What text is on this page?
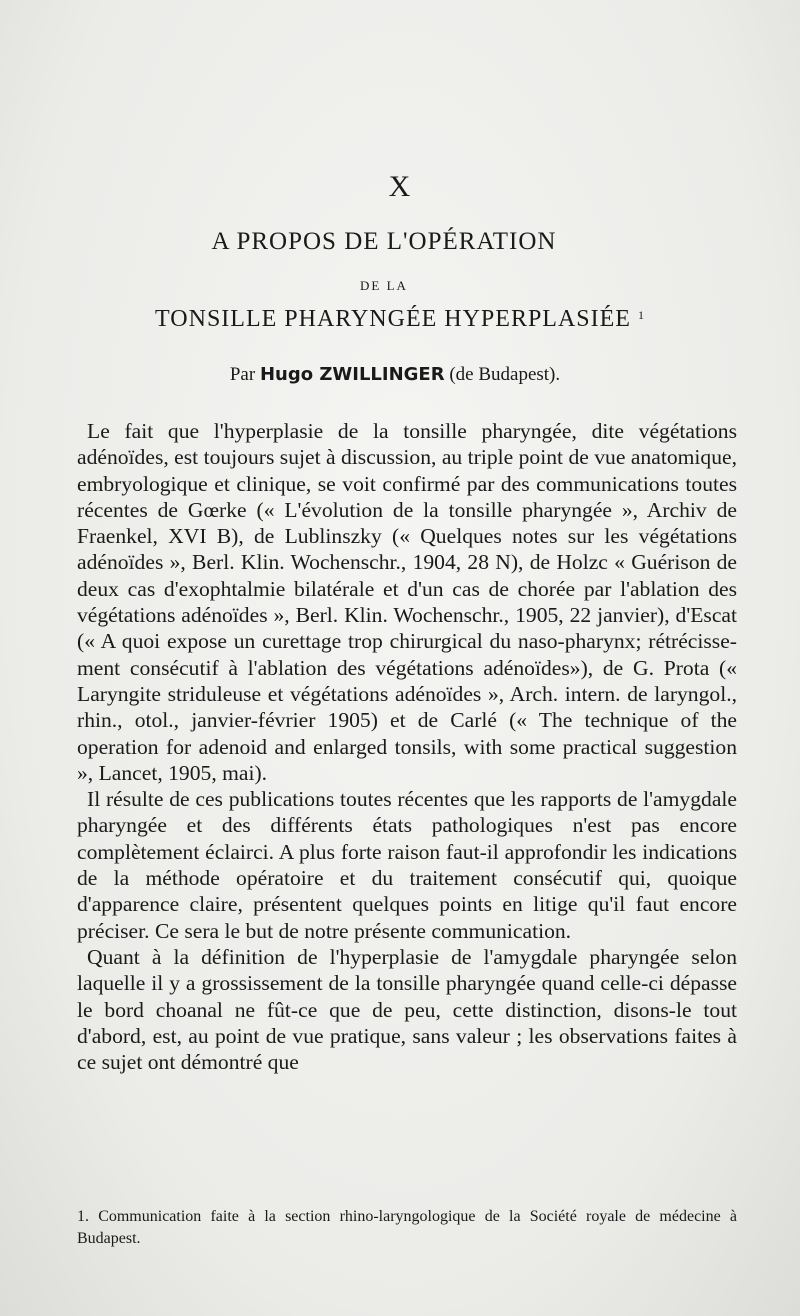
X
A PROPOS DE L'OPÉRATION
DE LA
TONSILLE PHARYNGÉE HYPERPLASIÉE $^1$
Par Hugo ZWILLINGER (de Budapest).

Le fait que l'hyperplasie de la tonsille pharyngée, dite végétations adénoïdes, est toujours sujet à discussion, au triple point de vue anatomique, embryologique et clinique, se voit confirmé par des communications toutes récentes de Gœrke (« L'évolution de la tonsille pharyngée », Archiv de Fraenkel, XVI B), de Lublinszky (« Quelques notes sur les végétations adénoïdes », Berl. Klin. Wochenschr., 1904, 28 N), de Holzc « Guérison de deux cas d'exophtalmie bilatérale et d'un cas de chorée par l'ablation des végétations adénoïdes », Berl. Klin. Wochenschr., 1905, 22 janvier), d'Escat (« A quoi expose un curettage trop chirurgical du naso-pharynx; rétrécissement consécutif à l'ablation des végétations adénoïdes»), de G. Prota (« Laryngite striduleuse et végétations adénoïdes », Arch. intern. de laryngol., rhin., otol., janvier-février 1905) et de Carlé (« The technique of the operation for adenoid and enlarged tonsils, with some practical suggestion », Lancet, 1905, mai).

Il résulte de ces publications toutes récentes que les rapports de l'amygdale pharyngée et des différents états pathologiques n'est pas encore complètement éclairci. A plus forte raison faut-il approfondir les indications de la méthode opératoire et du traitement consécutif qui, quoique d'apparence claire, présentent quelques points en litige qu'il faut encore préciser. Ce sera le but de notre présente communication.

Quant à la définition de l'hyperplasie de l'amygdale pharyngée selon laquelle il y a grossissement de la tonsille pharyngée quand celle-ci dépasse le bord choanal ne fût-ce que de peu, cette distinction, disons-le tout d'abord, est, au point de vue pratique, sans valeur ; les observations faites à ce sujet ont démontré que

1. Communication faite à la section rhino-laryngologique de la Société royale de médecine à Budapest.
